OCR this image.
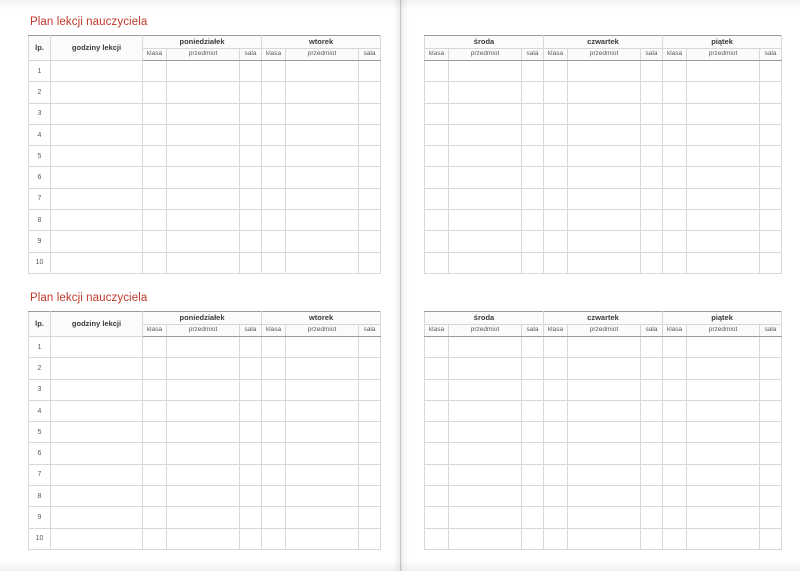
Plan lekcji nauczyciela
lp.	godziny lekcji	poniedziałek			wtorek		
		klasa	przedmiot	sala	klasa	przedmiot	sala
1							
2							
3							
4							
5							
6							
7							
8							
9							
10							
Plan lekcji nauczyciela
lp.	godziny lekcji	poniedziałek			wtorek		
		klasa	przedmiot	sala	klasa	przedmiot	sala
1							
2							
3							
4							
5							
6							
7							
8							
9							
10							
środa			czwartek			piątek		
klasa	przedmiot	sala	klasa	przedmiot	sala	klasa	przedmiot	sala

środa			czwartek			piątek		
klasa	przedmiot	sala	klasa	przedmiot	sala	klasa	przedmiot	sala
